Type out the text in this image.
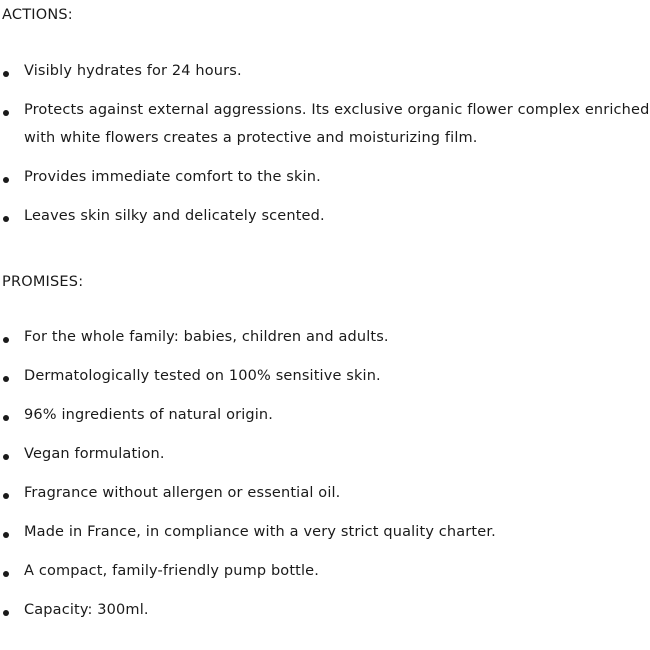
ACTIONS:
Visibly hydrates for 24 hours.
Protects against external aggressions. Its exclusive organic flower complex enriched with white flowers creates a protective and moisturizing film.
Provides immediate comfort to the skin.
Leaves skin silky and delicately scented.
PROMISES:
For the whole family: babies, children and adults.
Dermatologically tested on 100% sensitive skin.
96% ingredients of natural origin.
Vegan formulation.
Fragrance without allergen or essential oil.
Made in France, in compliance with a very strict quality charter.
A compact, family-friendly pump bottle.
Capacity: 300ml.
